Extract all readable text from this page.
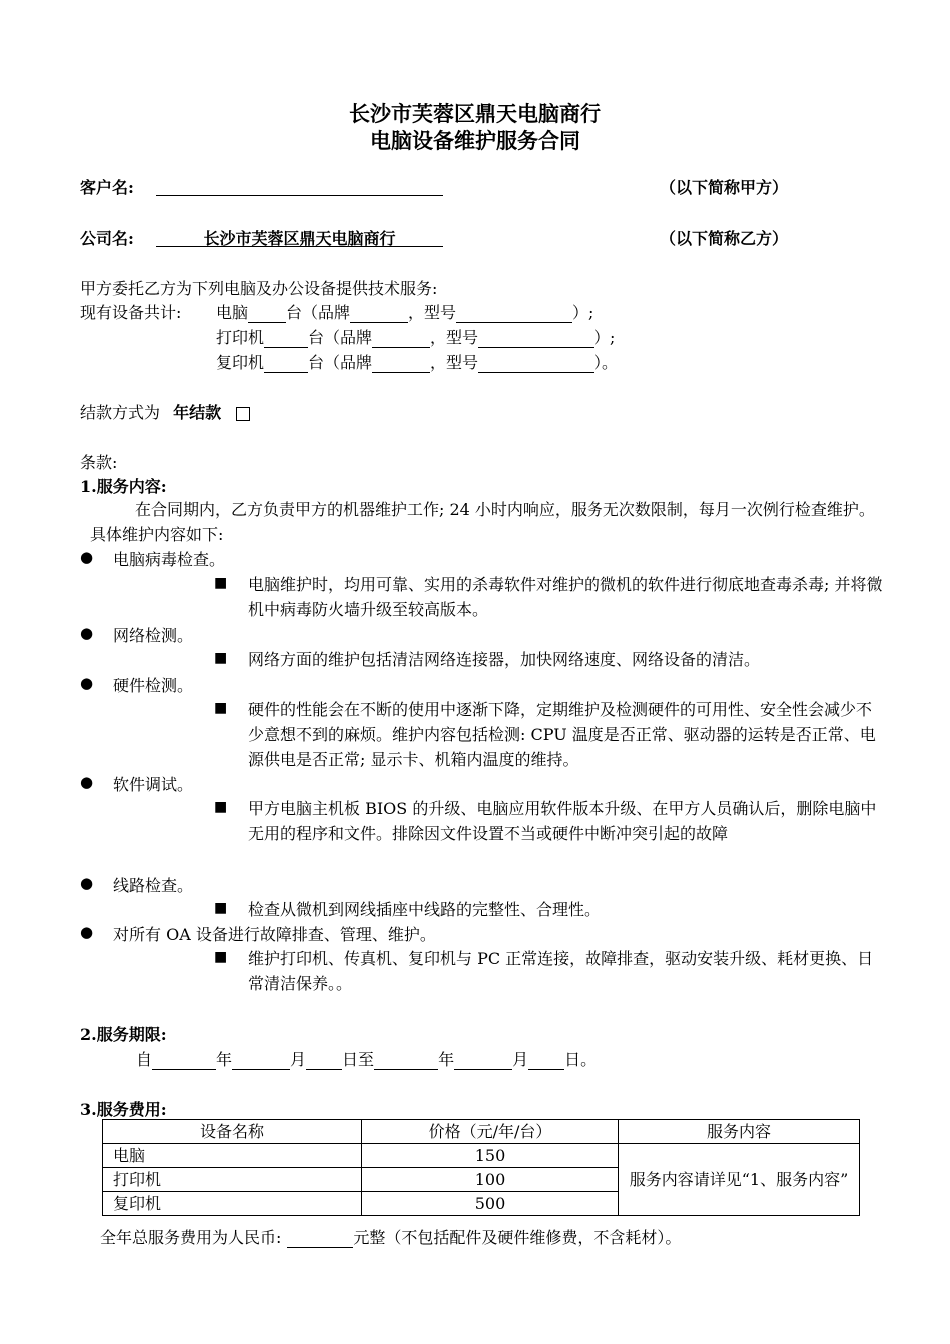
长沙市芙蓉区鼎天电脑商行
电脑设备维护服务合同
客户名:	（以下简称甲方）
公司名:	长沙市芙蓉区鼎天电脑商行	（以下简称乙方）
甲方委托乙方为下列电脑及办公设备提供技术服务:
现有设备共计: 电脑 台（品牌	，型号	）;
打印机	台（品牌	，型号	）;
复印机	台（品牌	，型号	）。
结款方式为 年结款
条款:
1.服务内容:
在合同期内，乙方负责甲方的机器维护工作; 24 小时内响应，服务无次数限制，每月一次例行检查维护。具体维护内容如下:
● 电脑病毒检查。
■ 电脑维护时，均用可靠、实用的杀毒软件对维护的微机的软件进行彻底地查毒杀毒; 并将微机中病毒防火墙升级至较高版本。
● 网络检测。
■ 网络方面的维护包括清洁网络连接器，加快网络速度、网络设备的清洁。
● 硬件检测。
■ 硬件的性能会在不断的使用中逐渐下降，定期维护及检测硬件的可用性、安全性会减少不少意想不到的麻烦。维护内容包括检测: CPU 温度是否正常、驱动器的运转是否正常、电源供电是否正常; 显示卡、机箱内温度的维持。
● 软件调试。
■ 甲方电脑主机板 BIOS 的升级、电脑应用软件版本升级、在甲方人员确认后，删除电脑中无用的程序和文件。排除因文件设置不当或硬件中断冲突引起的故障
● 线路检查。
■ 检查从微机到网线插座中线路的完整性、合理性。
● 对所有 OA 设备进行故障排查、管理、维护。
■ 维护打印机、传真机、复印机与 PC 正常连接，故障排查，驱动安装升级、耗材更换、日常清洁保养。。
2.服务期限:
自	年	月 日至	年	月 日。
3.服务费用:
设备名称	价格（元/年/台）	服务内容
电脑	150	服务内容请详见“1、服务内容”
打印机	100	
复印机	500	
全年总服务费用为人民币:	元整（不包括配件及硬件维修费，不含耗材）。
